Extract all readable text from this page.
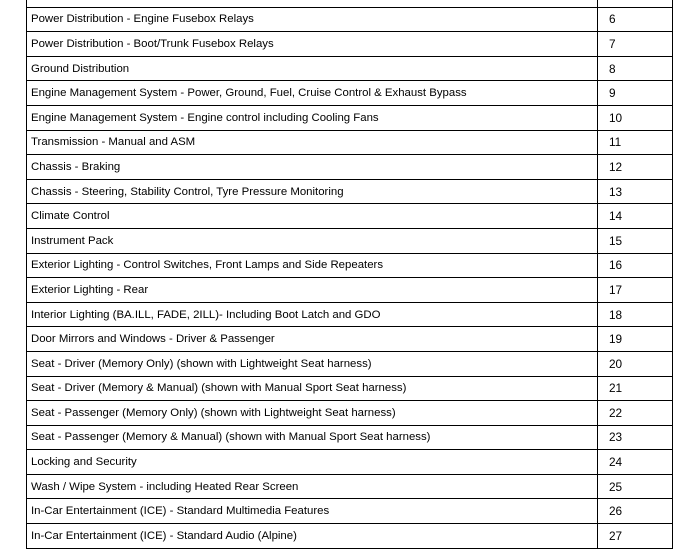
Power Distribution - Engine Fusebox Relays	6
Power Distribution - Boot/Trunk Fusebox Relays	7
Ground Distribution	8
Engine Management System - Power, Ground, Fuel, Cruise Control & Exhaust Bypass	9
Engine Management System - Engine control including Cooling Fans	10
Transmission - Manual and ASM	11
Chassis - Braking	12
Chassis - Steering, Stability Control, Tyre Pressure Monitoring	13
Climate Control	14
Instrument Pack	15
Exterior Lighting - Control Switches, Front Lamps and Side Repeaters	16
Exterior Lighting - Rear	17
Interior Lighting (BA.ILL, FADE, 2ILL)- Including Boot Latch and GDO	18
Door Mirrors and Windows - Driver & Passenger	19
Seat - Driver (Memory Only) (shown with Lightweight Seat harness)	20
Seat - Driver (Memory & Manual) (shown with Manual Sport Seat harness)	21
Seat - Passenger (Memory Only) (shown with Lightweight Seat harness)	22
Seat - Passenger (Memory & Manual) (shown with Manual Sport Seat harness)	23
Locking and Security	24
Wash / Wipe System - including Heated Rear Screen	25
In-Car Entertainment (ICE) - Standard Multimedia Features	26
In-Car Entertainment (ICE) - Standard Audio (Alpine)	27
